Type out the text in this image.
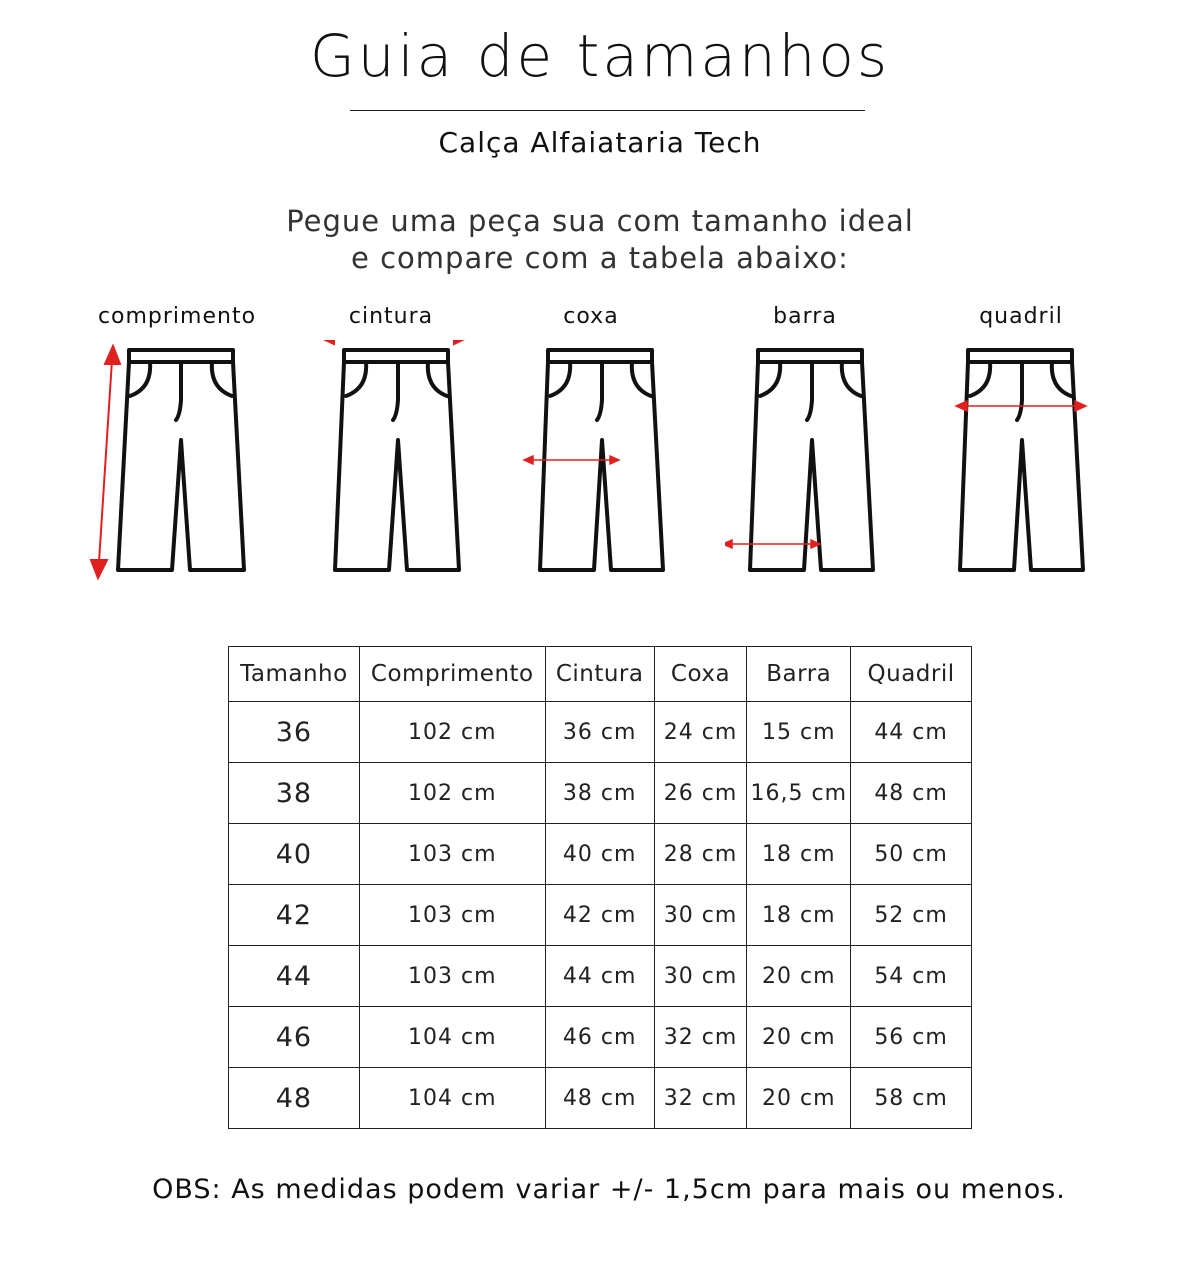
Guia de tamanhos
Calça Alfaiataria Tech
Pegue uma peça sua com tamanho ideal
e compare com a tabela abaixo:
comprimento	cintura	coxa	barra	quadril
Tamanho	Comprimento	Cintura	Coxa	Barra	Quadril
36	102 cm	36 cm	24 cm	15 cm	44 cm
38	102 cm	38 cm	26 cm	16,5 cm	48 cm
40	103 cm	40 cm	28 cm	18 cm	50 cm
42	103 cm	42 cm	30 cm	18 cm	52 cm
44	103 cm	44 cm	30 cm	20 cm	54 cm
46	104 cm	46 cm	32 cm	20 cm	56 cm
48	104 cm	48 cm	32 cm	20 cm	58 cm
OBS: As medidas podem variar +/- 1,5cm para mais ou menos.
